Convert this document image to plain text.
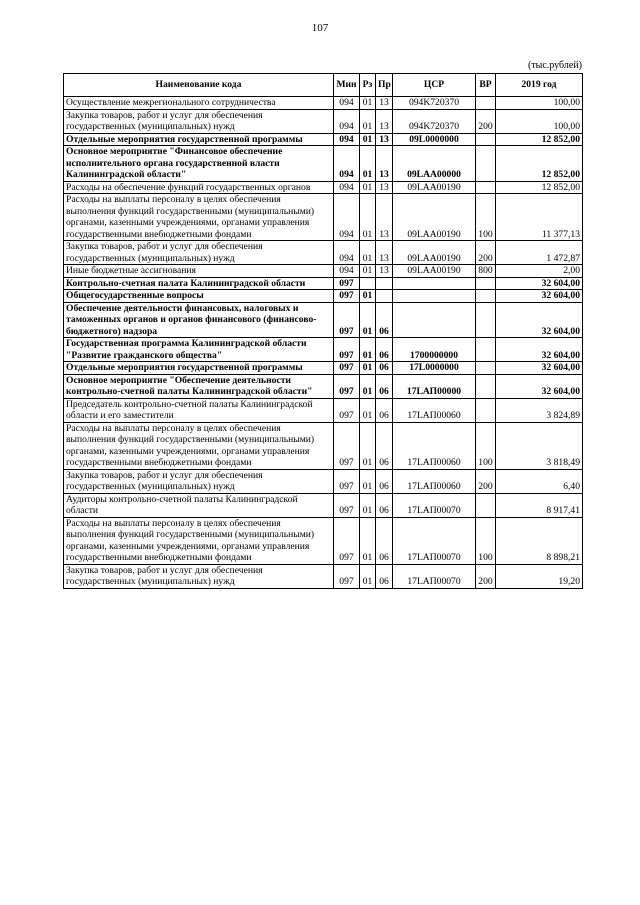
107
(тыс.рублей)
Наименование кода	Мин	Рз	Пр	ЦСР	ВР	2019 год
Осуществление межрегионального сотрудничества	094	01	13	094K720370		100,00
Закупка товаров, работ и услуг для обеспечения государственных (муниципальных) нужд	094	01	13	094K720370	200	100,00
Отдельные мероприятия государственной программы	094	01	13	09L0000000		12 852,00
Основное мероприятие "Финансовое обеспечение исполнительного органа государственной власти Калининградской области"	094	01	13	09LAA00000		12 852,00
Расходы на обеспечение функций государственных органов	094	01	13	09LAA00190		12 852,00
Расходы на выплаты персоналу в целях обеспечения выполнения функций государственными (муниципальными) органами, казенными учреждениями, органами управления государственными внебюджетными фондами	094	01	13	09LAA00190	100	11 377,13
Закупка товаров, работ и услуг для обеспечения государственных (муниципальных) нужд	094	01	13	09LAA00190	200	1 472,87
Иные бюджетные ассигнования	094	01	13	09LAA00190	800	2,00
Контрольно-счетная палата Калининградской области	097					32 604,00
Общегосударственные вопросы	097	01				32 604,00
Обеспечение деятельности финансовых, налоговых и таможенных органов и органов финансового (финансово-бюджетного) надзора	097	01	06			32 604,00
Государственная программа Калининградской области "Развитие гражданского общества"	097	01	06	1700000000		32 604,00
Отдельные мероприятия государственной программы	097	01	06	17L0000000		32 604,00
Основное мероприятие "Обеспечение деятельности контрольно-счетной палаты Калининградской области"	097	01	06	17LАП00000		32 604,00
Председатель контрольно-счетной палаты Калининградской области и его заместители	097	01	06	17LАП00060		3 824,89
Расходы на выплаты персоналу в целях обеспечения выполнения функций государственными (муниципальными) органами, казенными учреждениями, органами управления государственными внебюджетными фондами	097	01	06	17LАП00060	100	3 818,49
Закупка товаров, работ и услуг для обеспечения государственных (муниципальных) нужд	097	01	06	17LАП00060	200	6,40
Аудиторы контрольно-счетной палаты Калининградской области	097	01	06	17LАП00070		8 917,41
Расходы на выплаты персоналу в целях обеспечения выполнения функций государственными (муниципальными) органами, казенными учреждениями, органами управления государственными внебюджетными фондами	097	01	06	17LАП00070	100	8 898,21
Закупка товаров, работ и услуг для обеспечения государственных (муниципальных) нужд	097	01	06	17LАП00070	200	19,20
